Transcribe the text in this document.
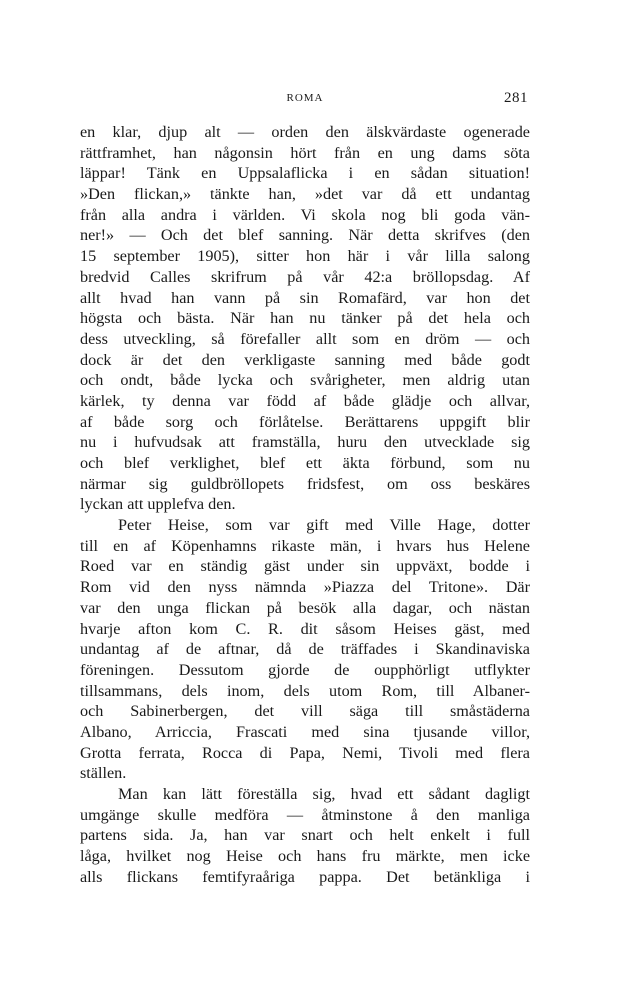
ROMA	281
en klar, djup alt — orden den älskvärdaste ogenerade
rättframhet, han någonsin hört från en ung dams söta
läppar! Tänk en Uppsalaflicka i en sådan situation!
»Den flickan,» tänkte han, »det var då ett undantag
från alla andra i världen. Vi skola nog bli goda vän-
ner!» — Och det blef sanning. När detta skrifves (den
15 september 1905), sitter hon här i vår lilla salong
bredvid Calles skrifrum på vår 42:a bröllopsdag. Af
allt hvad han vann på sin Romafärd, var hon det
högsta och bästa. När han nu tänker på det hela och
dess utveckling, så förefaller allt som en dröm — och
dock är det den verkligaste sanning med både godt
och ondt, både lycka och svårigheter, men aldrig utan
kärlek, ty denna var född af både glädje och allvar,
af både sorg och förlåtelse. Berättarens uppgift blir
nu i hufvudsak att framställa, huru den utvecklade sig
och blef verklighet, blef ett äkta förbund, som nu
närmar sig guldbröllopets fridsfest, om oss beskäres
lyckan att upplefva den.
Peter Heise, som var gift med Ville Hage, dotter
till en af Köpenhamns rikaste män, i hvars hus Helene
Roed var en ständig gäst under sin uppväxt, bodde i
Rom vid den nyss nämnda »Piazza del Tritone». Där
var den unga flickan på besök alla dagar, och nästan
hvarje afton kom C. R. dit såsom Heises gäst, med
undantag af de aftnar, då de träffades i Skandinaviska
föreningen. Dessutom gjorde de oupphörligt utflykter
tillsammans, dels inom, dels utom Rom, till Albaner-
och Sabinerbergen, det vill säga till småstäderna
Albano, Arriccia, Frascati med sina tjusande villor,
Grotta ferrata, Rocca di Papa, Nemi, Tivoli med flera
ställen.
Man kan lätt föreställa sig, hvad ett sådant dagligt
umgänge skulle medföra — åtminstone å den manliga
partens sida. Ja, han var snart och helt enkelt i full
låga, hvilket nog Heise och hans fru märkte, men icke
alls flickans femtifyraåriga pappa. Det betänkliga i
